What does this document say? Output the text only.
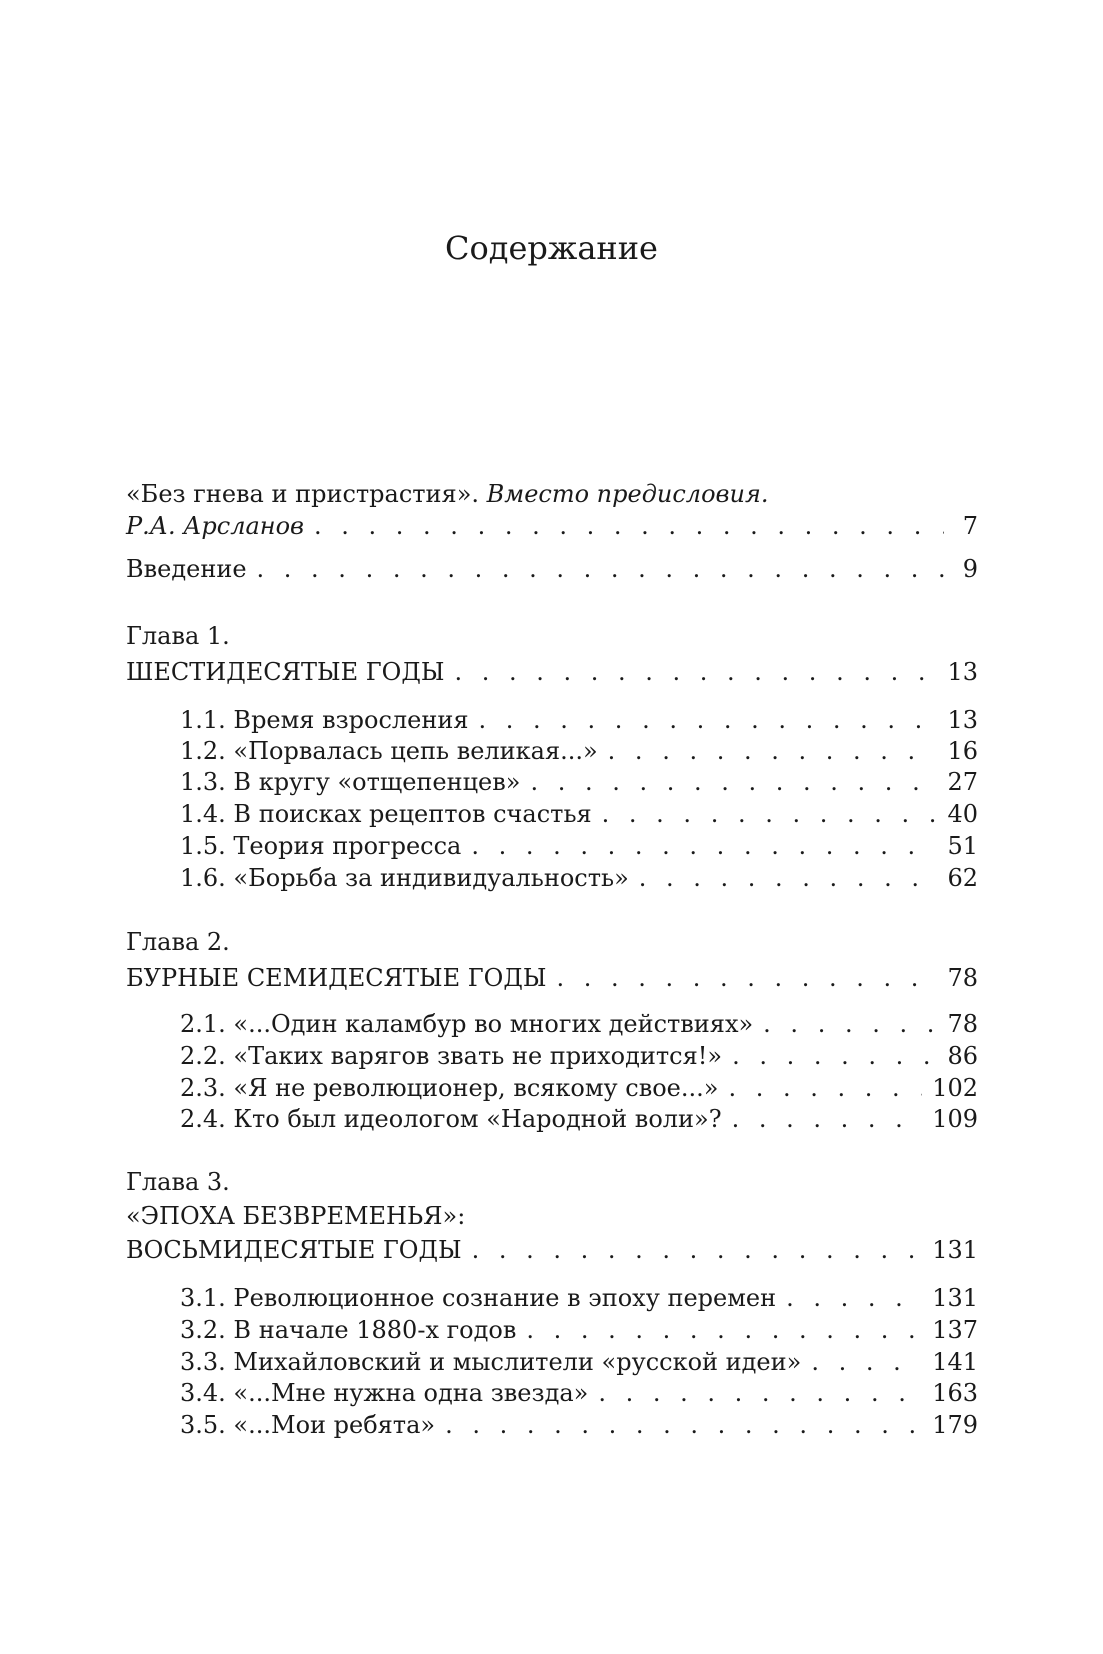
Содержание
«Без гнева и пристрастия». Вместо предисловия.
Р.А. Арсланов . . .	7
Введение . . .	9
Глава 1.
ШЕСТИДЕСЯТЫЕ ГОДЫ . . .	13
1.1. Время взросления . . .	13
1.2. «Порвалась цепь великая...» . . .	16
1.3. В кругу «отщепенцев» . . .	27
1.4. В поисках рецептов счастья . . .	40
1.5. Теория прогресса . . .	51
1.6. «Борьба за индивидуальность» . . .	62
Глава 2.
БУРНЫЕ СЕМИДЕСЯТЫЕ ГОДЫ . . .	78
2.1. «...Один каламбур во многих действиях» . . .	78
2.2. «Таких варягов звать не приходится!» . . .	86
2.3. «Я не революционер, всякому свое...» . . .	102
2.4. Кто был идеологом «Народной воли»? . . .	109
Глава 3.
«ЭПОХА БЕЗВРЕМЕНЬЯ»:
ВОСЬМИДЕСЯТЫЕ ГОДЫ . . .	131
3.1. Революционное сознание в эпоху перемен . . .	131
3.2. В начале 1880-х годов . . .	137
3.3. Михайловский и мыслители «русской идеи» . . .	141
3.4. «...Мне нужна одна звезда» . . .	163
3.5. «...Мои ребята» . . .	179
